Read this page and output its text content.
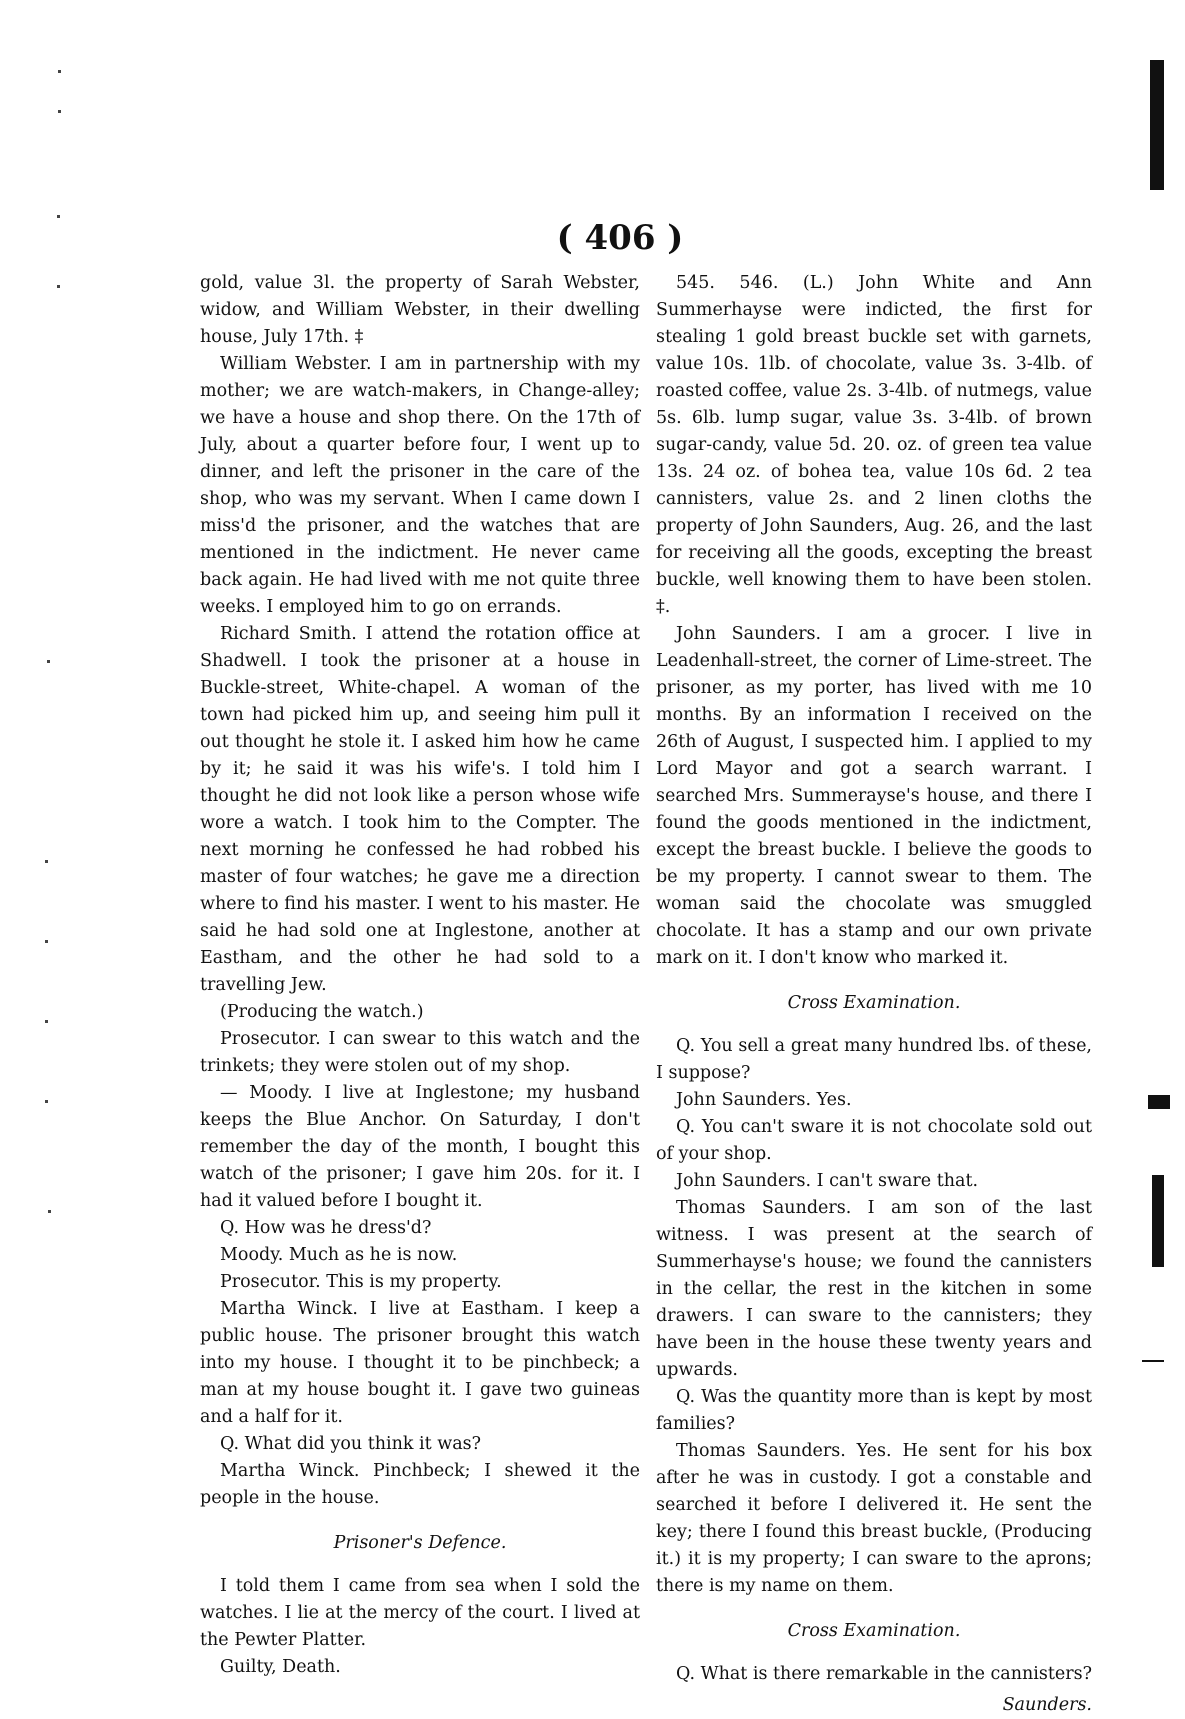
( 406 )

gold, value 3l. the property of Sarah Webster, widow, and William Webster, in their dwelling house, July 17th. ‡

William Webster. I am in partnership with my mother; we are watch-makers, in Change-alley; we have a house and shop there. On the 17th of July, about a quarter before four, I went up to dinner, and left the prisoner in the care of the shop, who was my servant. When I came down I miss'd the prisoner, and the watches that are mentioned in the indictment. He never came back again. He had lived with me not quite three weeks. I employed him to go on errands.

Richard Smith. I attend the rotation office at Shadwell. I took the prisoner at a house in Buckle-street, White-chapel. A woman of the town had picked him up, and seeing him pull it out thought he stole it. I asked him how he came by it; he said it was his wife's. I told him I thought he did not look like a person whose wife wore a watch. I took him to the Compter. The next morning he confessed he had robbed his master of four watches; he gave me a direction where to find his master. I went to his master. He said he had sold one at Inglestone, another at Eastham, and the other he had sold to a travelling Jew.

(Producing the watch.)

Prosecutor. I can swear to this watch and the trinkets; they were stolen out of my shop.

— Moody. I live at Inglestone; my husband keeps the Blue Anchor. On Saturday, I don't remember the day of the month, I bought this watch of the prisoner; I gave him 20s. for it. I had it valued before I bought it.

Q. How was he dress'd?

Moody. Much as he is now.

Prosecutor. This is my property.

Martha Winck. I live at Eastham. I keep a public house. The prisoner brought this watch into my house. I thought it to be pinchbeck; a man at my house bought it. I gave two guineas and a half for it.

Q. What did you think it was?

Martha Winck. Pinchbeck; I shewed it the people in the house.

Prisoner's Defence.

I told them I came from sea when I sold the watches. I lie at the mercy of the court. I lived at the Pewter Platter.

Guilty, Death.

545. 546. (L.) John White and Ann Summerhayse were indicted, the first for stealing 1 gold breast buckle set with garnets, value 10s. 1lb. of chocolate, value 3s. 3-4lb. of roasted coffee, value 2s. 3-4lb. of nutmegs, value 5s. 6lb. lump sugar, value 3s. 3-4lb. of brown sugar-candy, value 5d. 20. oz. of green tea value 13s. 24 oz. of bohea tea, value 10s 6d. 2 tea cannisters, value 2s. and 2 linen cloths the property of John Saunders, Aug. 26, and the last for receiving all the goods, excepting the breast buckle, well knowing them to have been stolen. ‡.

John Saunders. I am a grocer. I live in Leadenhall-street, the corner of Lime-street. The prisoner, as my porter, has lived with me 10 months. By an information I received on the 26th of August, I suspected him. I applied to my Lord Mayor and got a search warrant. I searched Mrs. Summerayse's house, and there I found the goods mentioned in the indictment, except the breast buckle. I believe the goods to be my property. I cannot swear to them. The woman said the chocolate was smuggled chocolate. It has a stamp and our own private mark on it. I don't know who marked it.

Cross Examination.

Q. You sell a great many hundred lbs. of these, I suppose?

John Saunders. Yes.

Q. You can't sware it is not chocolate sold out of your shop.

John Saunders. I can't sware that.

Thomas Saunders. I am son of the last witness. I was present at the search of Summerhayse's house; we found the cannisters in the cellar, the rest in the kitchen in some drawers. I can sware to the cannisters; they have been in the house these twenty years and upwards.

Q. Was the quantity more than is kept by most families?

Thomas Saunders. Yes. He sent for his box after he was in custody. I got a constable and searched it before I delivered it. He sent the key; there I found this breast buckle, (Producing it.) it is my property; I can sware to the aprons; there is my name on them.

Cross Examination.

Q. What is there remarkable in the cannisters?

Saunders.
